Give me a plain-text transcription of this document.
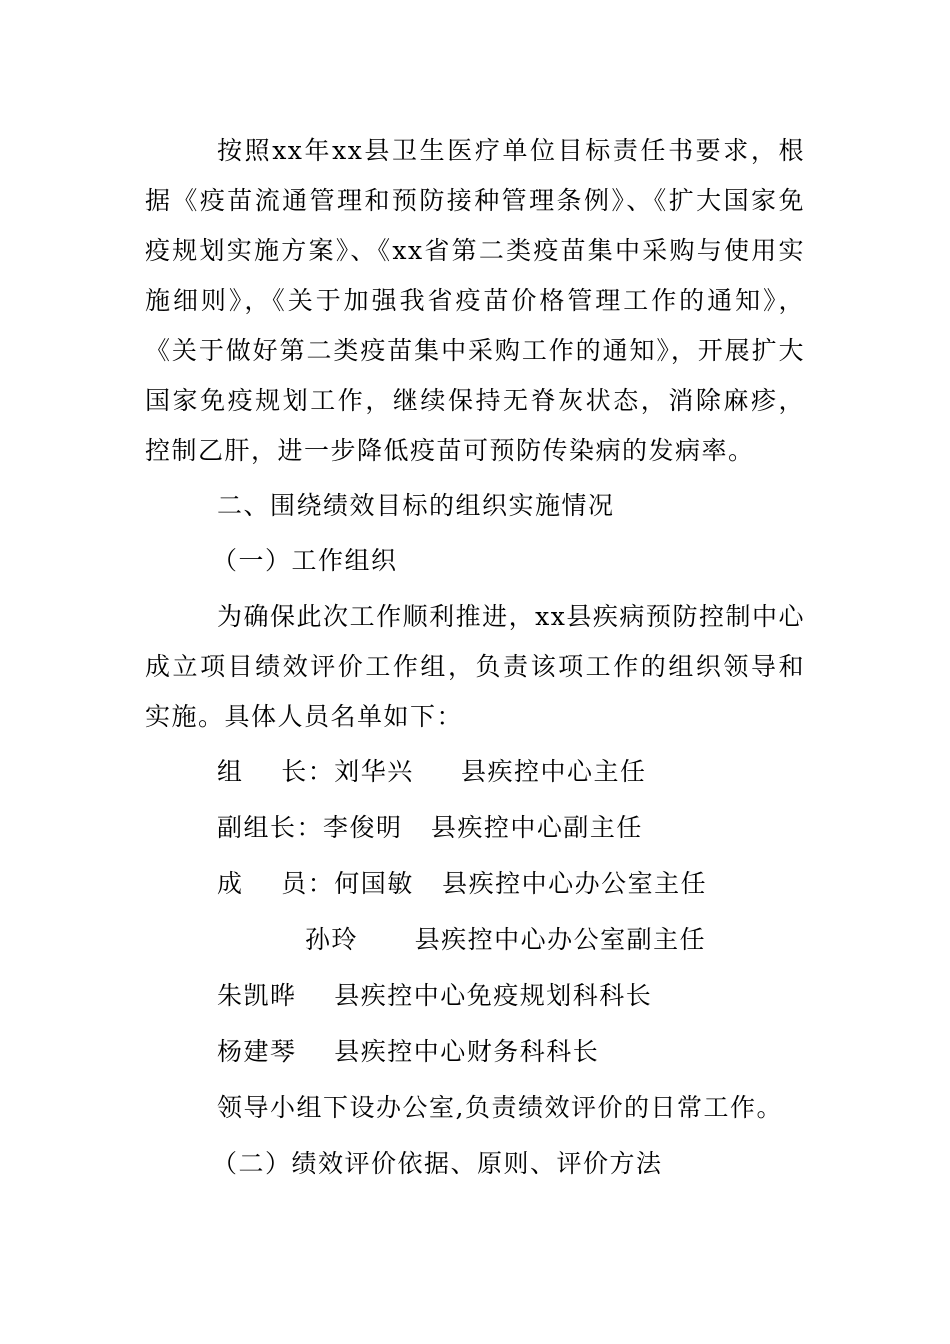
按照xx年xx县卫生医疗单位目标责任书要求，根据《疫苗流通管理和预防接种管理条例》、《扩大国家免疫规划实施方案》、《xx省第二类疫苗集中采购与使用实施细则》，《关于加强我省疫苗价格管理工作的通知》，《关于做好第二类疫苗集中采购工作的通知》，开展扩大国家免疫规划工作，继续保持无脊灰状态，消除麻疹，控制乙肝，进一步降低疫苗可预防传染病的发病率。

二、围绕绩效目标的组织实施情况

（一）工作组织

为确保此次工作顺利推进，xx县疾病预防控制中心成立项目绩效评价工作组，负责该项工作的组织领导和实施。具体人员名单如下：

组    长：刘华兴     县疾控中心主任

副组长：李俊明   县疾控中心副主任

成    员：何国敏   县疾控中心办公室主任

孙玲      县疾控中心办公室副主任

朱凯晔    县疾控中心免疫规划科科长

杨建琴    县疾控中心财务科科长

领导小组下设办公室,负责绩效评价的日常工作。

（二）绩效评价依据、原则、评价方法
